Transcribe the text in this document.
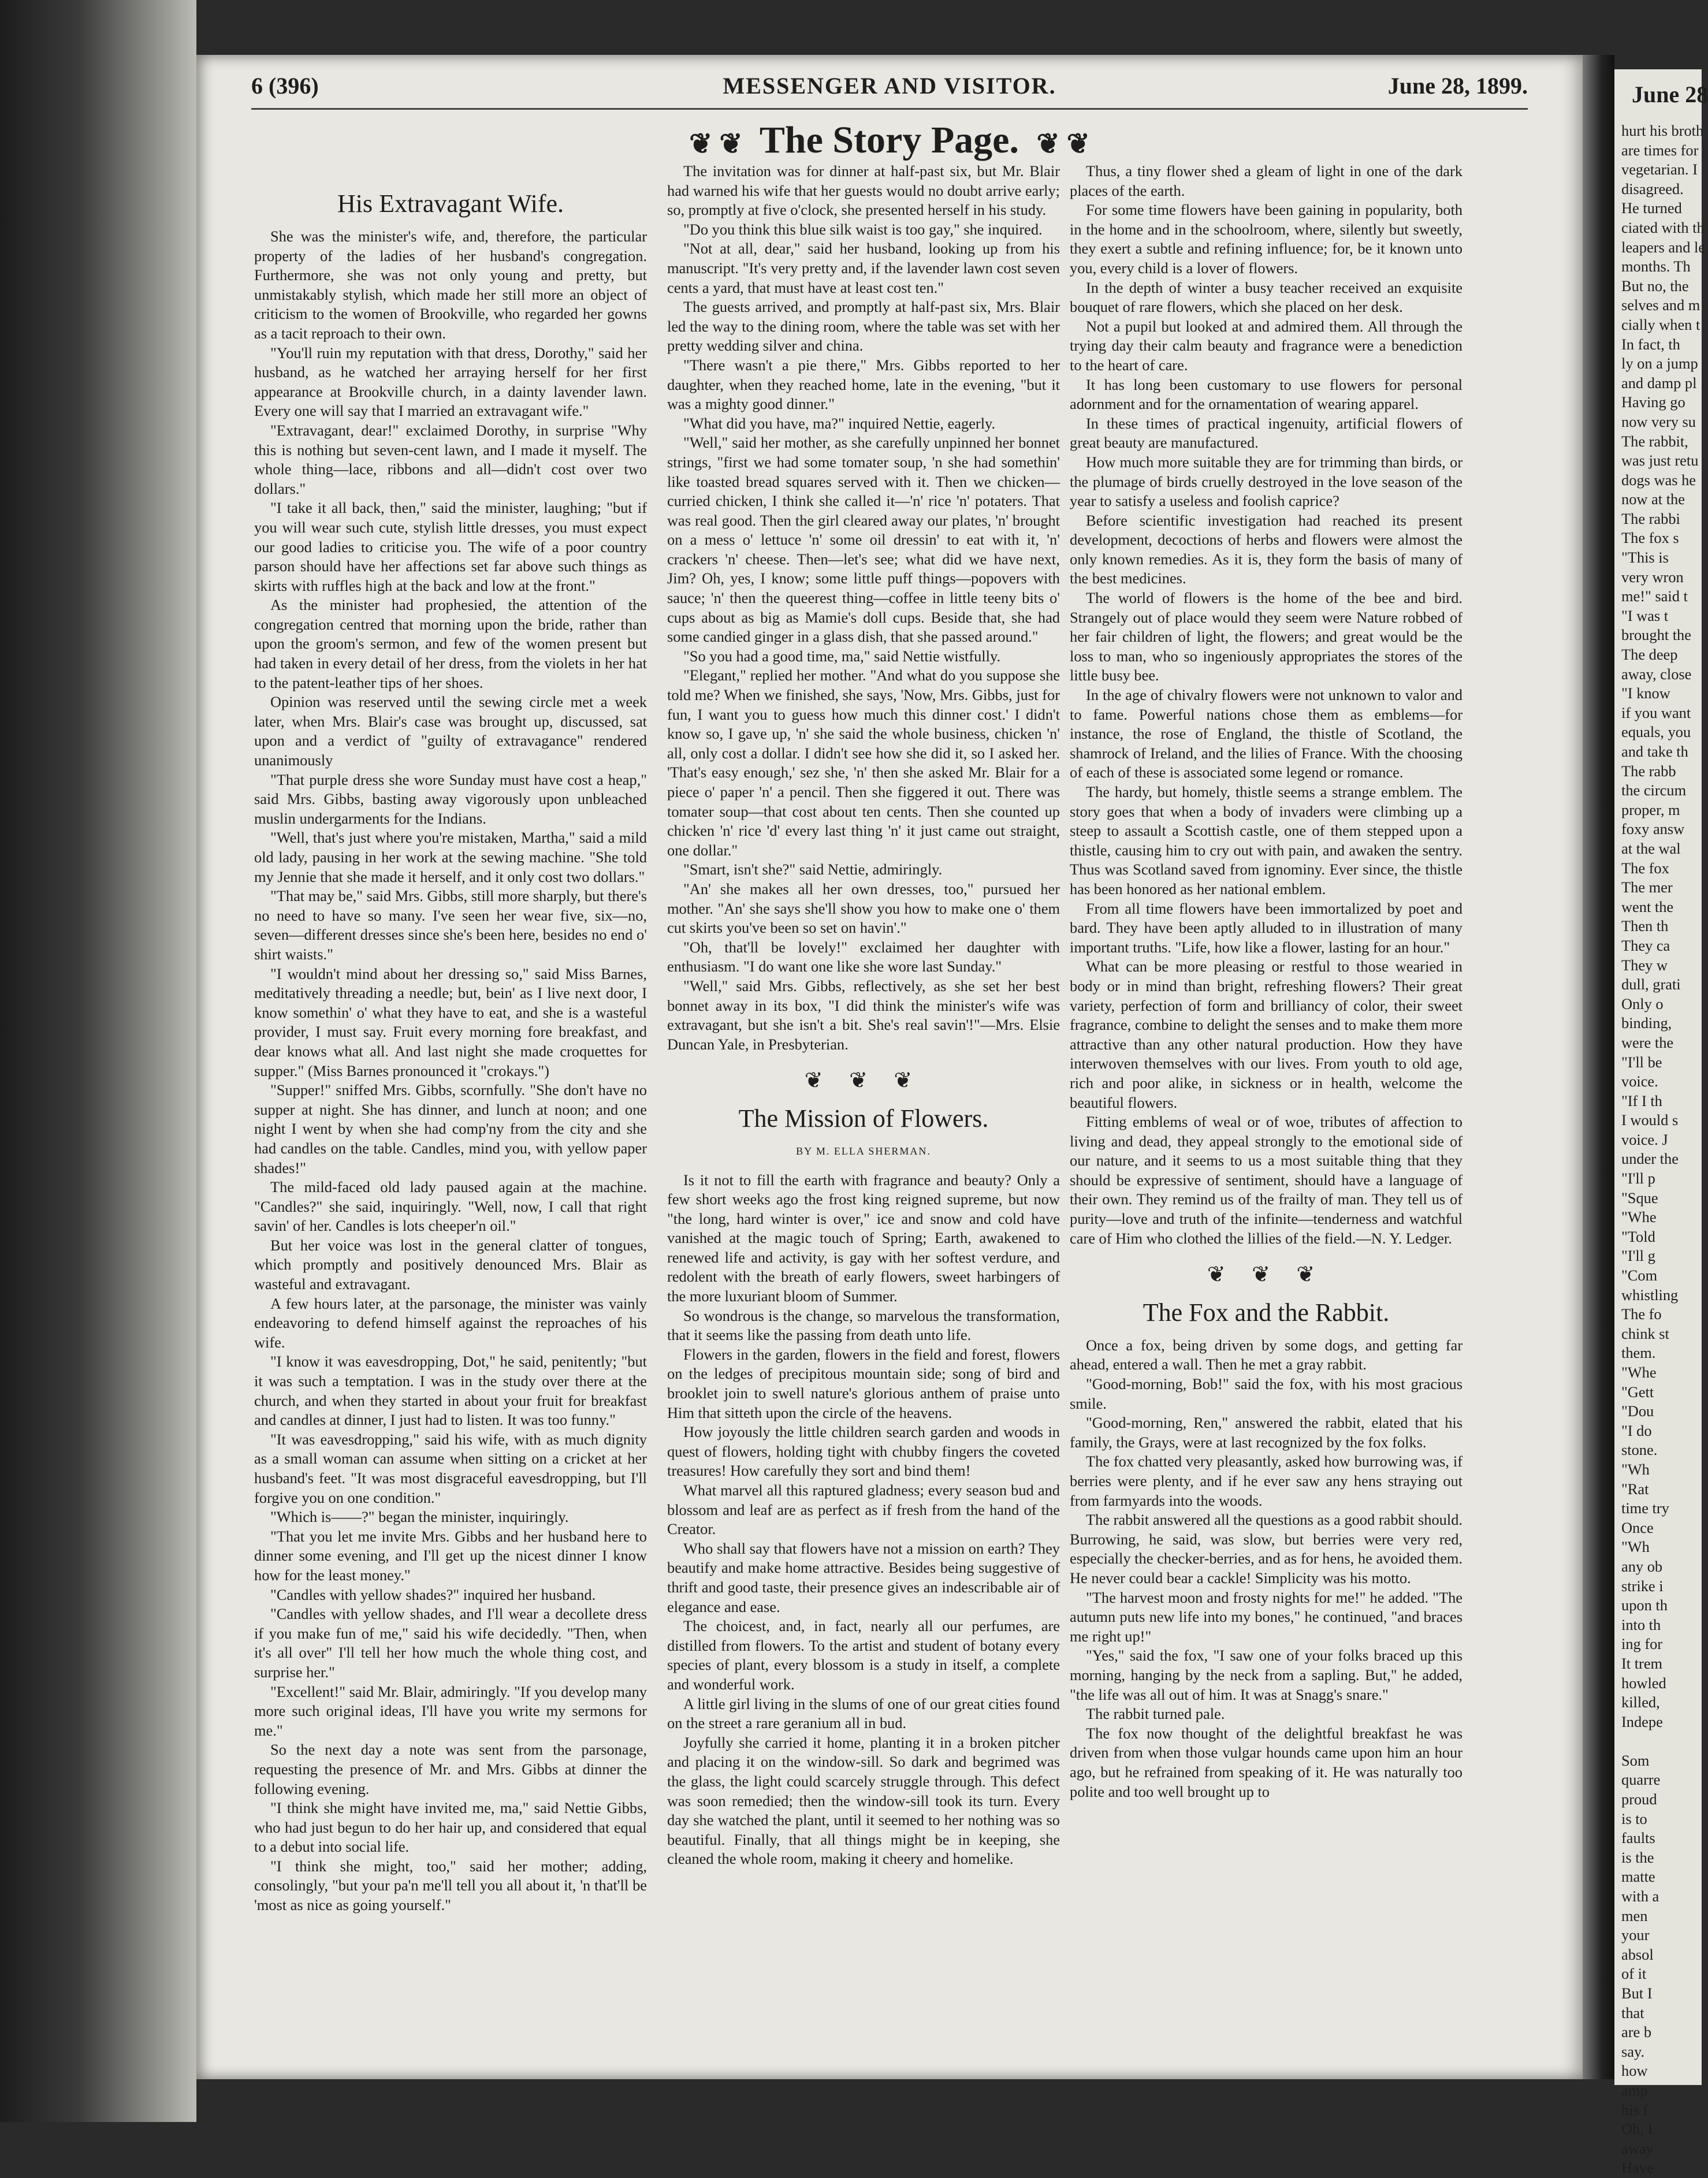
6 (396)	MESSENGER AND VISITOR.	June 28, 1899.
❦ ❦ The Story Page. ❦ ❦
His Extravagant Wife.

She was the minister's wife, and, therefore, the particular property of the ladies of her husband's congregation. Furthermore, she was not only young and pretty, but unmistakably stylish, which made her still more an object of criticism to the women of Brookville, who regarded her gowns as a tacit reproach to their own.

"You'll ruin my reputation with that dress, Dorothy," said her husband, as he watched her arraying herself for her first appearance at Brookville church, in a dainty lavender lawn. Every one will say that I married an extravagant wife."

"Extravagant, dear!" exclaimed Dorothy, in surprise "Why this is nothing but seven-cent lawn, and I made it myself. The whole thing—lace, ribbons and all—didn't cost over two dollars."

"I take it all back, then," said the minister, laughing; "but if you will wear such cute, stylish little dresses, you must expect our good ladies to criticise you. The wife of a poor country parson should have her affections set far above such things as skirts with ruffles high at the back and low at the front."

As the minister had prophesied, the attention of the congregation centred that morning upon the bride, rather than upon the groom's sermon, and few of the women present but had taken in every detail of her dress, from the violets in her hat to the patent-leather tips of her shoes.

Opinion was reserved until the sewing circle met a week later, when Mrs. Blair's case was brought up, discussed, sat upon and a verdict of "guilty of extravagance" rendered unanimously

"That purple dress she wore Sunday must have cost a heap," said Mrs. Gibbs, basting away vigorously upon unbleached muslin undergarments for the Indians.

"Well, that's just where you're mistaken, Martha," said a mild old lady, pausing in her work at the sewing machine. "She told my Jennie that she made it herself, and it only cost two dollars."

"That may be," said Mrs. Gibbs, still more sharply, but there's no need to have so many. I've seen her wear five, six—no, seven—different dresses since she's been here, besides no end o' shirt waists."

"I wouldn't mind about her dressing so," said Miss Barnes, meditatively threading a needle; but, bein' as I live next door, I know somethin' o' what they have to eat, and she is a wasteful provider, I must say. Fruit every morning fore breakfast, and dear knows what all. And last night she made croquettes for supper." (Miss Barnes pronounced it "crokays.")

"Supper!" sniffed Mrs. Gibbs, scornfully. "She don't have no supper at night. She has dinner, and lunch at noon; and one night I went by when she had comp'ny from the city and she had candles on the table. Candles, mind you, with yellow paper shades!"

The mild-faced old lady paused again at the machine. "Candles?" she said, inquiringly. "Well, now, I call that right savin' of her. Candles is lots cheeper'n oil."

But her voice was lost in the general clatter of tongues, which promptly and positively denounced Mrs. Blair as wasteful and extravagant.

A few hours later, at the parsonage, the minister was vainly endeavoring to defend himself against the reproaches of his wife.

"I know it was eavesdropping, Dot," he said, penitently; "but it was such a temptation. I was in the study over there at the church, and when they started in about your fruit for breakfast and candles at dinner, I just had to listen. It was too funny."

"It was eavesdropping," said his wife, with as much dignity as a small woman can assume when sitting on a cricket at her husband's feet. "It was most disgraceful eavesdropping, but I'll forgive you on one condition."

"Which is——?" began the minister, inquiringly.

"That you let me invite Mrs. Gibbs and her husband here to dinner some evening, and I'll get up the nicest dinner I know how for the least money."

"Candles with yellow shades?" inquired her husband.

"Candles with yellow shades, and I'll wear a decollete dress if you make fun of me," said his wife decidedly. "Then, when it's all over" I'll tell her how much the whole thing cost, and surprise her."

"Excellent!" said Mr. Blair, admiringly. "If you develop many more such original ideas, I'll have you write my sermons for me."

So the next day a note was sent from the parsonage, requesting the presence of Mr. and Mrs. Gibbs at dinner the following evening.

"I think she might have invited me, ma," said Nettie Gibbs, who had just begun to do her hair up, and considered that equal to a debut into social life.

"I think she might, too," said her mother; adding, consolingly, "but your pa'n me'll tell you all about it, 'n that'll be 'most as nice as going yourself."

The invitation was for dinner at half-past six, but Mr. Blair had warned his wife that her guests would no doubt arrive early; so, promptly at five o'clock, she presented herself in his study.

"Do you think this blue silk waist is too gay," she inquired.

"Not at all, dear," said her husband, looking up from his manuscript. "It's very pretty and, if the lavender lawn cost seven cents a yard, that must have at least cost ten."

The guests arrived, and promptly at half-past six, Mrs. Blair led the way to the dining room, where the table was set with her pretty wedding silver and china.

"There wasn't a pie there," Mrs. Gibbs reported to her daughter, when they reached home, late in the evening, "but it was a mighty good dinner."

"What did you have, ma?" inquired Nettie, eagerly.

"Well," said her mother, as she carefully unpinned her bonnet strings, "first we had some tomater soup, 'n she had somethin' like toasted bread squares served with it. Then we chicken—curried chicken, I think she called it—'n' rice 'n' potaters. That was real good. Then the girl cleared away our plates, 'n' brought on a mess o' lettuce 'n' some oil dressin' to eat with it, 'n' crackers 'n' cheese. Then—let's see; what did we have next, Jim? Oh, yes, I know; some little puff things—popovers with sauce; 'n' then the queerest thing—coffee in little teeny bits o' cups about as big as Mamie's doll cups. Beside that, she had some candied ginger in a glass dish, that she passed around."

"So you had a good time, ma," said Nettie wistfully.

"Elegant," replied her mother. "And what do you suppose she told me? When we finished, she says, 'Now, Mrs. Gibbs, just for fun, I want you to guess how much this dinner cost.' I didn't know so, I gave up, 'n' she said the whole business, chicken 'n' all, only cost a dollar. I didn't see how she did it, so I asked her. 'That's easy enough,' sez she, 'n' then she asked Mr. Blair for a piece o' paper 'n' a pencil. Then she figgered it out. There was tomater soup—that cost about ten cents. Then she counted up chicken 'n' rice 'd' every last thing 'n' it just came out straight, one dollar."

"Smart, isn't she?" said Nettie, admiringly.

"An' she makes all her own dresses, too," pursued her mother. "An' she says she'll show you how to make one o' them cut skirts you've been so set on havin'."

"Oh, that'll be lovely!" exclaimed her daughter with enthusiasm. "I do want one like she wore last Sunday."

"Well," said Mrs. Gibbs, reflectively, as she set her best bonnet away in its box, "I did think the minister's wife was extravagant, but she isn't a bit. She's real savin'!"—Mrs. Elsie Duncan Yale, in Presbyterian.

❦ ❦ ❦
The Mission of Flowers.
BY M. ELLA SHERMAN.

Is it not to fill the earth with fragrance and beauty? Only a few short weeks ago the frost king reigned supreme, but now "the long, hard winter is over," ice and snow and cold have vanished at the magic touch of Spring; Earth, awakened to renewed life and activity, is gay with her softest verdure, and redolent with the breath of early flowers, sweet harbingers of the more luxuriant bloom of Summer.

So wondrous is the change, so marvelous the transformation, that it seems like the passing from death unto life.

Flowers in the garden, flowers in the field and forest, flowers on the ledges of precipitous mountain side; song of bird and brooklet join to swell nature's glorious anthem of praise unto Him that sitteth upon the circle of the heavens.

How joyously the little children search garden and woods in quest of flowers, holding tight with chubby fingers the coveted treasures! How carefully they sort and bind them!

What marvel all this raptured gladness; every season bud and blossom and leaf are as perfect as if fresh from the hand of the Creator.

Who shall say that flowers have not a mission on earth? They beautify and make home attractive. Besides being suggestive of thrift and good taste, their presence gives an indescribable air of elegance and ease.

The choicest, and, in fact, nearly all our perfumes, are distilled from flowers. To the artist and student of botany every species of plant, every blossom is a study in itself, a complete and wonderful work.

A little girl living in the slums of one of our great cities found on the street a rare geranium all in bud.

Joyfully she carried it home, planting it in a broken pitcher and placing it on the window-sill. So dark and begrimed was the glass, the light could scarcely struggle through. This defect was soon remedied; then the window-sill took its turn. Every day she watched the plant, until it seemed to her nothing was so beautiful. Finally, that all things might be in keeping, she cleaned the whole room, making it cheery and homelike.

Thus, a tiny flower shed a gleam of light in one of the dark places of the earth.

For some time flowers have been gaining in popularity, both in the home and in the schoolroom, where, silently but sweetly, they exert a subtle and refining influence; for, be it known unto you, every child is a lover of flowers.

In the depth of winter a busy teacher received an exquisite bouquet of rare flowers, which she placed on her desk.

Not a pupil but looked at and admired them. All through the trying day their calm beauty and fragrance were a benediction to the heart of care.

It has long been customary to use flowers for personal adornment and for the ornamentation of wearing apparel.

In these times of practical ingenuity, artificial flowers of great beauty are manufactured.

How much more suitable they are for trimming than birds, or the plumage of birds cruelly destroyed in the love season of the year to satisfy a useless and foolish caprice?

Before scientific investigation had reached its present development, decoctions of herbs and flowers were almost the only known remedies. As it is, they form the basis of many of the best medicines.

The world of flowers is the home of the bee and bird. Strangely out of place would they seem were Nature robbed of her fair children of light, the flowers; and great would be the loss to man, who so ingeniously appropriates the stores of the little busy bee.

In the age of chivalry flowers were not unknown to valor and to fame. Powerful nations chose them as emblems—for instance, the rose of England, the thistle of Scotland, the shamrock of Ireland, and the lilies of France. With the choosing of each of these is associated some legend or romance.

The hardy, but homely, thistle seems a strange emblem. The story goes that when a body of invaders were climbing up a steep to assault a Scottish castle, one of them stepped upon a thistle, causing him to cry out with pain, and awaken the sentry. Thus was Scotland saved from ignominy. Ever since, the thistle has been honored as her national emblem.

From all time flowers have been immortalized by poet and bard. They have been aptly alluded to in illustration of many important truths. "Life, how like a flower, lasting for an hour."

What can be more pleasing or restful to those wearied in body or in mind than bright, refreshing flowers? Their great variety, perfection of form and brilliancy of color, their sweet fragrance, combine to delight the senses and to make them more attractive than any other natural production. How they have interwoven themselves with our lives. From youth to old age, rich and poor alike, in sickness or in health, welcome the beautiful flowers.

Fitting emblems of weal or of woe, tributes of affection to living and dead, they appeal strongly to the emotional side of our nature, and it seems to us a most suitable thing that they should be expressive of sentiment, should have a language of their own. They remind us of the frailty of man. They tell us of purity—love and truth of the infinite—tenderness and watchful care of Him who clothed the lillies of the field.—N. Y. Ledger.

❦ ❦ ❦
The Fox and the Rabbit.

Once a fox, being driven by some dogs, and getting far ahead, entered a wall. Then he met a gray rabbit.

"Good-morning, Bob!" said the fox, with his most gracious smile.

"Good-morning, Ren," answered the rabbit, elated that his family, the Grays, were at last recognized by the fox folks.

The fox chatted very pleasantly, asked how burrowing was, if berries were plenty, and if he ever saw any hens straying out from farmyards into the woods.

The rabbit answered all the questions as a good rabbit should. Burrowing, he said, was slow, but berries were very red, especially the checker-berries, and as for hens, he avoided them. He never could bear a cackle! Simplicity was his motto.

"The harvest moon and frosty nights for me!" he added. "The autumn puts new life into my bones," he continued, "and braces me right up!"

"Yes," said the fox, "I saw one of your folks braced up this morning, hanging by the neck from a sapling. But," he added, "the life was all out of him. It was at Snagg's snare."

The rabbit turned pale.

The fox now thought of the delightful breakfast he was driven from when those vulgar hounds came upon him an hour ago, but he refrained from speaking of it. He was naturally too polite and too well brought up to

June 28
hurt his broth
are times for
vegetarian. I
disagreed.
He turned
ciated with th
leapers and le
months. Th
But no, the
selves and m
cially when t
In fact, th
ly on a jump
and damp pl
Having go
now very su
The rabbit,
was just retu
dogs was he
now at the
The rabbi
The fox s
"This is
very wron
me!" said t
"I was t
brought the
The deep
away, close
"I know
if you want
equals, you
and take th
The rabb
the circum
proper, m
foxy answ
at the wal
The fox
The mer
went the
Then th
They ca
They w
dull, grati
Only o
binding,
were the
"I'll be
voice.
"If I th
I would s
voice. J
under the
"I'll p
"Sque
"Whe
"Told
"I'll g
"Com
whistling
The fo
chink st
them.
"Whe
"Gett
"Dou
"I do
stone.
"Wh
"Rat
time try
Once
"Wh
any ob
strike i
upon th
into th
ing for
It trem
howled
killed,
Indepe

Som
quarre
proud
is to
faults
is the
matte
with a
men
your
absol
of it
But I
that
are b
say.
how
amp
his f
Oh, I
away
Have
